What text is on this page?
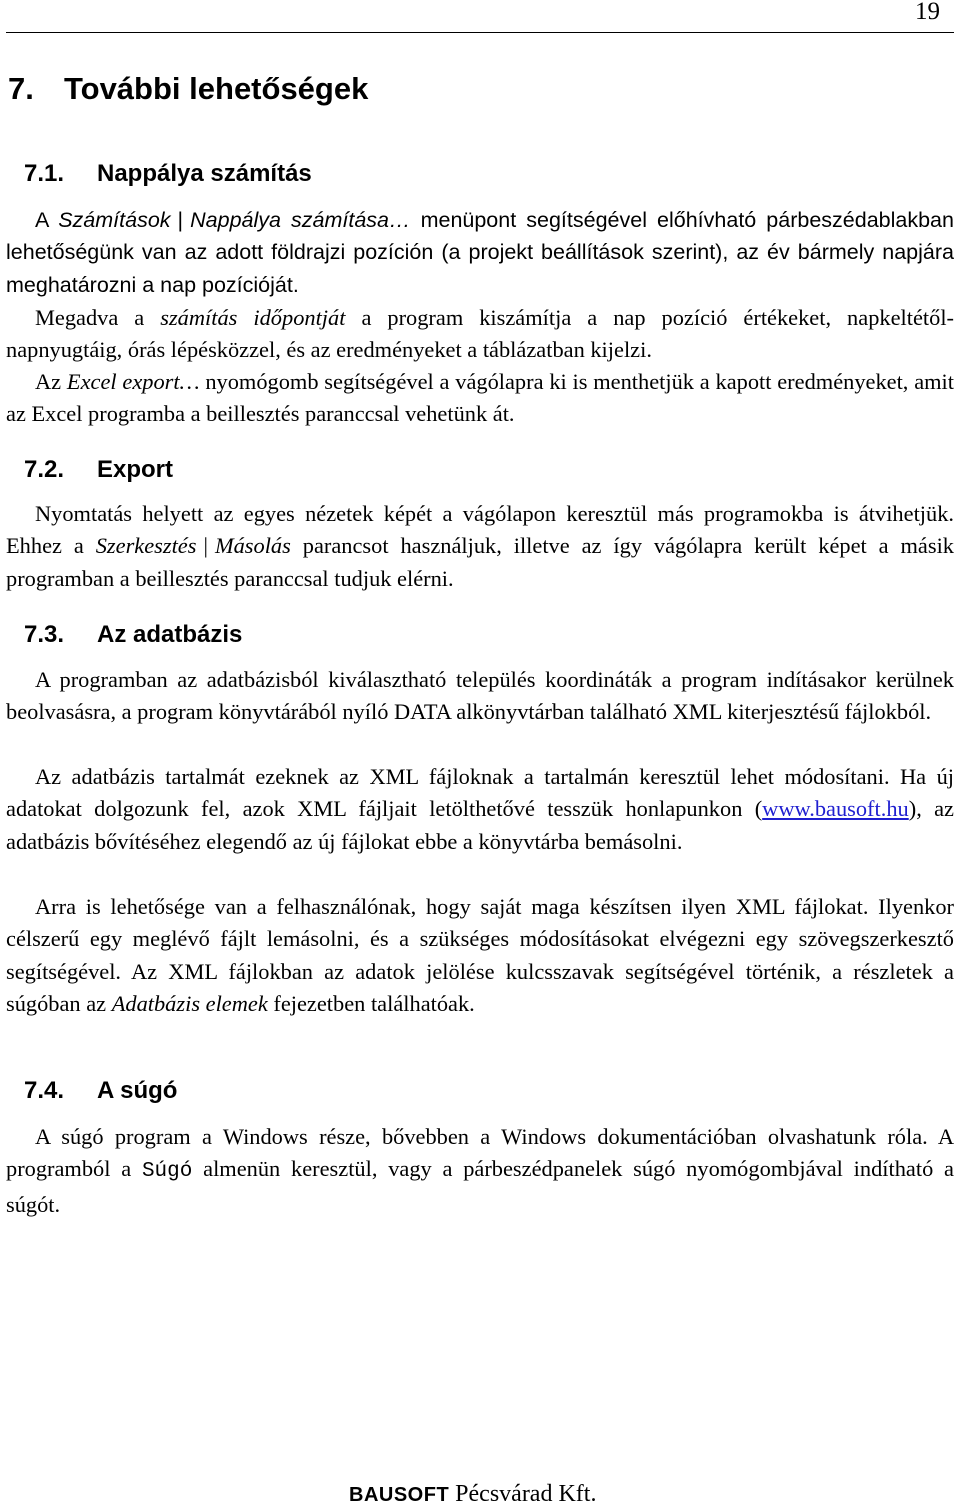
19
7. További lehetőségek
7.1. Nappálya számítás

A Számítások | Nappálya számítása… menüpont segítségével előhívható párbeszédablakban lehetőségünk van az adott földrajzi pozíción (a projekt beállítások szerint), az év bármely napjára meghatározni a nap pozícióját.

Megadva a számítás időpontját a program kiszámítja a nap pozíció értékeket, napkeltétől-napnyugtáig, órás lépésközzel, és az eredményeket a táblázatban kijelzi.

Az Excel export… nyomógomb segítségével a vágólapra ki is menthetjük a kapott eredményeket, amit az Excel programba a beillesztés paranccsal vehetünk át.

7.2. Export

Nyomtatás helyett az egyes nézetek képét a vágólapon keresztül más programokba is átvihetjük. Ehhez a Szerkesztés | Másolás parancsot használjuk, illetve az így vágólapra került képet a másik programban a beillesztés paranccsal tudjuk elérni.

7.3. Az adatbázis

A programban az adatbázisból kiválasztható település koordináták a program indításakor kerülnek beolvasásra, a program könyvtárából nyíló DATA alkönyvtárban található XML kiterjesztésű fájlokból.

Az adatbázis tartalmát ezeknek az XML fájloknak a tartalmán keresztül lehet módosítani. Ha új adatokat dolgozunk fel, azok XML fájljait letölthetővé tesszük honlapunkon (www.bausoft.hu), az adatbázis bővítéséhez elegendő az új fájlokat ebbe a könyvtárba bemásolni.

Arra is lehetősége van a felhasználónak, hogy saját maga készítsen ilyen XML fájlokat. Ilyenkor célszerű egy meglévő fájlt lemásolni, és a szükséges módosításokat elvégezni egy szövegszerkesztő segítségével. Az XML fájlokban az adatok jelölése kulcsszavak segítségével történik, a részletek a súgóban az Adatbázis elemek fejezetben találhatóak.

7.4. A súgó

A súgó program a Windows része, bővebben a Windows dokumentációban olvashatunk róla. A programból a Súgó almenün keresztül, vagy a párbeszédpanelek súgó nyomógombjával indítható a súgót.

BAUSOFT Pécsvárad Kft.
